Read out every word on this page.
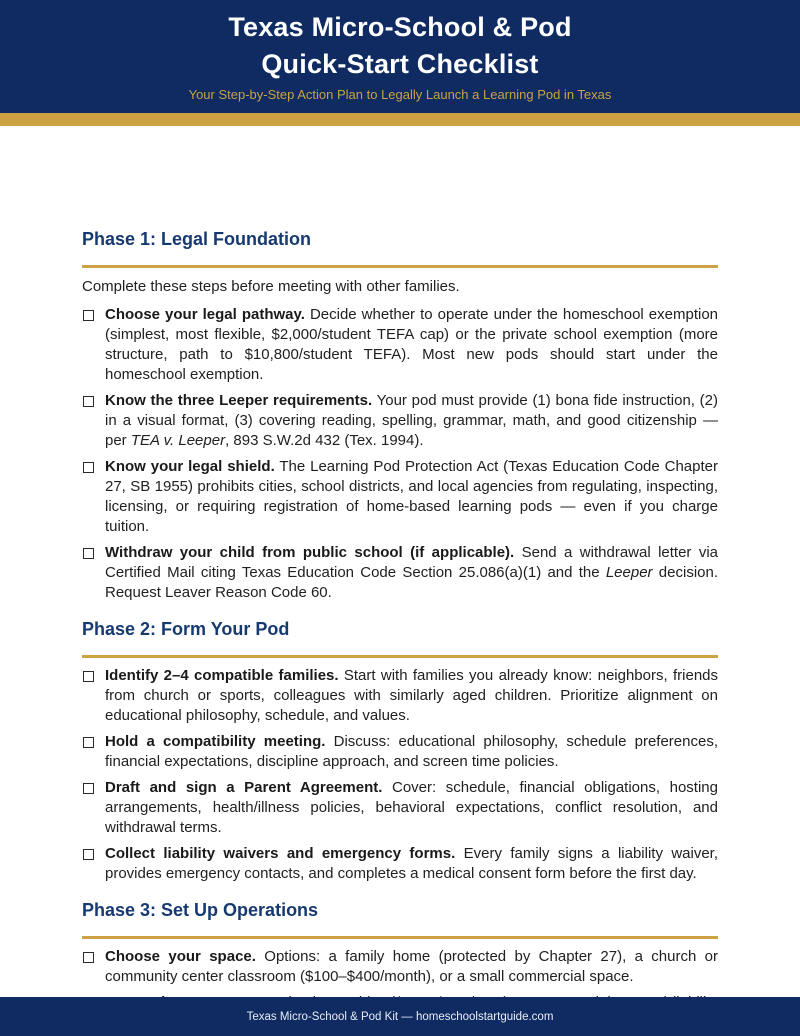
Texas Micro-School & Pod
Quick-Start Checklist
Your Step-by-Step Action Plan to Legally Launch a Learning Pod in Texas
Phase 1: Legal Foundation

Complete these steps before meeting with other families.

Choose your legal pathway. Decide whether to operate under the homeschool exemption (simplest, most flexible, $2,000/student TEFA cap) or the private school exemption (more structure, path to $10,800/student TEFA). Most new pods should start under the homeschool exemption.

Know the three Leeper requirements. Your pod must provide (1) bona fide instruction, (2) in a visual format, (3) covering reading, spelling, grammar, math, and good citizenship — per TEA v. Leeper, 893 S.W.2d 432 (Tex. 1994).

Know your legal shield. The Learning Pod Protection Act (Texas Education Code Chapter 27, SB 1955) prohibits cities, school districts, and local agencies from regulating, inspecting, licensing, or requiring registration of home-based learning pods — even if you charge tuition.

Withdraw your child from public school (if applicable). Send a withdrawal letter via Certified Mail citing Texas Education Code Section 25.086(a)(1) and the Leeper decision. Request Leaver Reason Code 60.

Phase 2: Form Your Pod

Identify 2–4 compatible families. Start with families you already know: neighbors, friends from church or sports, colleagues with similarly aged children. Prioritize alignment on educational philosophy, schedule, and values.

Hold a compatibility meeting. Discuss: educational philosophy, schedule preferences, financial expectations, discipline approach, and screen time policies.

Draft and sign a Parent Agreement. Cover: schedule, financial obligations, hosting arrangements, health/illness policies, behavioral expectations, conflict resolution, and withdrawal terms.

Collect liability waivers and emergency forms. Every family signs a liability waiver, provides emergency contacts, and completes a medical consent form before the first day.

Phase 3: Set Up Operations

Choose your space. Options: a family home (protected by Chapter 27), a church or community center classroom ($100–$400/month), or a small commercial space.

Texas Micro-School & Pod Kit — homeschoolstartguide.com
